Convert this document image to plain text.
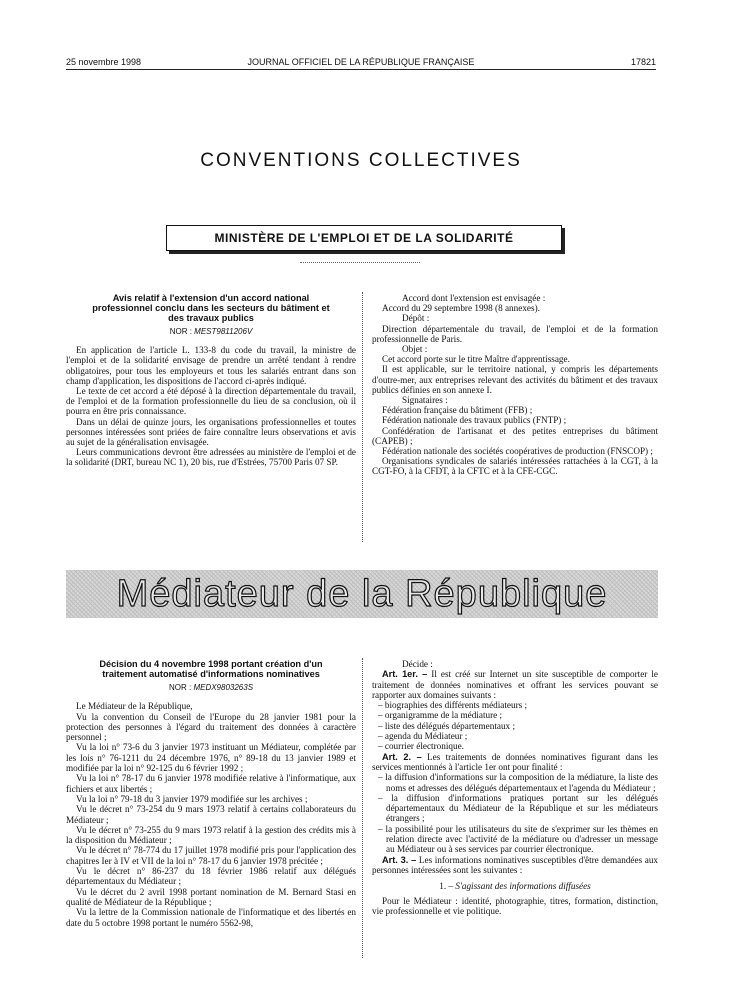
25 novembre 1998	JOURNAL OFFICIEL DE LA RÉPUBLIQUE FRANÇAISE	17821
CONVENTIONS COLLECTIVES
MINISTÈRE DE L'EMPLOI ET DE LA SOLIDARITÉ
Avis relatif à l'extension d'un accord national professionnel conclu dans les secteurs du bâtiment et des travaux publics
NOR : MEST9811206V

En application de l'article L. 133-8 du code du travail, la ministre de l'emploi et de la solidarité envisage de prendre un arrêté tendant à rendre obligatoires, pour tous les employeurs et tous les salariés entrant dans son champ d'application, les dispositions de l'accord ci-après indiqué.

Le texte de cet accord a été déposé à la direction départementale du travail, de l'emploi et de la formation professionnelle du lieu de sa conclusion, où il pourra en être pris connaissance.

Dans un délai de quinze jours, les organisations professionnelles et toutes personnes intéressées sont priées de faire connaître leurs observations et avis au sujet de la généralisation envisagée.

Leurs communications devront être adressées au ministère de l'emploi et de la solidarité (DRT, bureau NC 1), 20 bis, rue d'Estrées, 75700 Paris 07 SP.

Accord dont l'extension est envisagée :

Accord du 29 septembre 1998 (8 annexes).

Dépôt :

Direction départementale du travail, de l'emploi et de la formation professionnelle de Paris.

Objet :

Cet accord porte sur le titre Maître d'apprentissage.

Il est applicable, sur le territoire national, y compris les départements d'outre-mer, aux entreprises relevant des activités du bâtiment et des travaux publics définies en son annexe I.

Signataires :

Fédération française du bâtiment (FFB) ;

Fédération nationale des travaux publics (FNTP) ;

Confédération de l'artisanat et des petites entreprises du bâtiment (CAPEB) ;

Fédération nationale des sociétés coopératives de production (FNSCOP) ;

Organisations syndicales de salariés intéressées rattachées à la CGT, à la CGT-FO, à la CFDT, à la CFTC et à la CFE-CGC.

Médiateur de la République
Décision du 4 novembre 1998 portant création d'un traitement automatisé d'informations nominatives
NOR : MEDX9803263S

Le Médiateur de la République,

Vu la convention du Conseil de l'Europe du 28 janvier 1981 pour la protection des personnes à l'égard du traitement des données à caractère personnel ;

Vu la loi n° 73-6 du 3 janvier 1973 instituant un Médiateur, complétée par les lois n° 76-1211 du 24 décembre 1976, n° 89-18 du 13 janvier 1989 et modifiée par la loi n° 92-125 du 6 février 1992 ;

Vu la loi n° 78-17 du 6 janvier 1978 modifiée relative à l'informatique, aux fichiers et aux libertés ;

Vu la loi n° 79-18 du 3 janvier 1979 modifiée sur les archives ;

Vu le décret n° 73-254 du 9 mars 1973 relatif à certains collaborateurs du Médiateur ;

Vu le décret n° 73-255 du 9 mars 1973 relatif à la gestion des crédits mis à la disposition du Médiateur ;

Vu le décret n° 78-774 du 17 juillet 1978 modifié pris pour l'application des chapitres Ier à IV et VII de la loi n° 78-17 du 6 janvier 1978 précitée ;

Vu le décret n° 86-237 du 18 février 1986 relatif aux délégués départementaux du Médiateur ;

Vu le décret du 2 avril 1998 portant nomination de M. Bernard Stasi en qualité de Médiateur de la République ;

Vu la lettre de la Commission nationale de l'informatique et des libertés en date du 5 octobre 1998 portant le numéro 5562-98,

Décide :

Art. 1er. – Il est créé sur Internet un site susceptible de comporter le traitement de données nominatives et offrant les services pouvant se rapporter aux domaines suivants :

– biographies des différents médiateurs ;
– organigramme de la médiature ;
– liste des délégués départementaux ;
– agenda du Médiateur ;
– courrier électronique.

Art. 2. – Les traitements de données nominatives figurant dans les services mentionnés à l'article 1er ont pour finalité :

– la diffusion d'informations sur la composition de la médiature, la liste des noms et adresses des délégués départementaux et l'agenda du Médiateur ;
– la diffusion d'informations pratiques portant sur les délégués départementaux du Médiateur de la République et sur les médiateurs étrangers ;
– la possibilité pour les utilisateurs du site de s'exprimer sur les thèmes en relation directe avec l'activité de la médiature ou d'adresser un message au Médiateur ou à ses services par courrier électronique.

Art. 3. – Les informations nominatives susceptibles d'être demandées aux personnes intéressées sont les suivantes :

1. – S'agissant des informations diffusées

Pour le Médiateur : identité, photographie, titres, formation, distinction, vie professionnelle et vie politique.
